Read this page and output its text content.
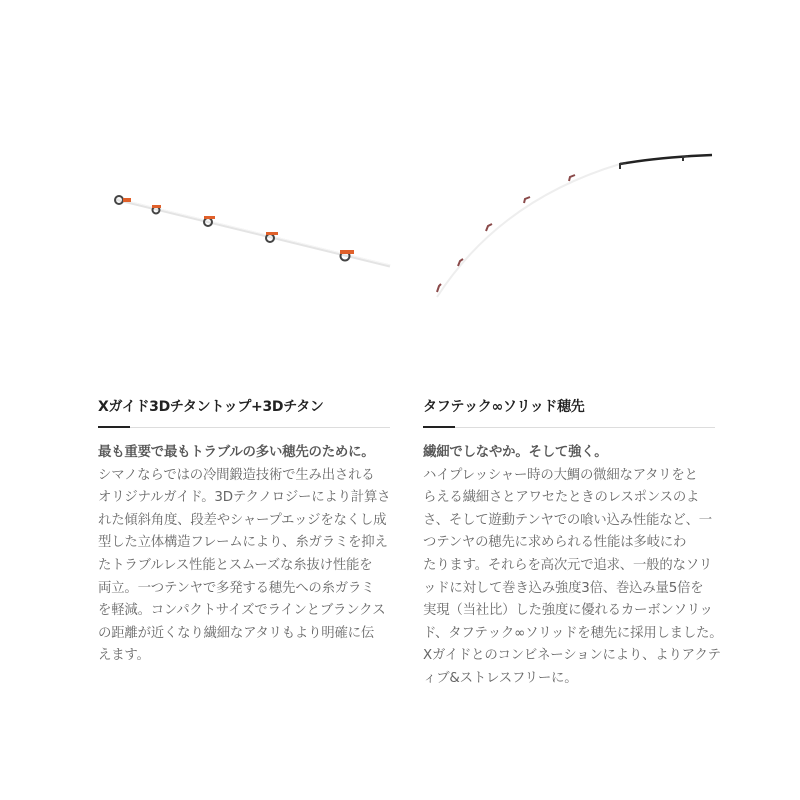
Xガイド3Dチタントップ+3Dチタン
最も重要で最もトラブルの多い穂先のために。
シマノならではの冷間鍛造技術で生み出される
オリジナルガイド。3Dテクノロジーにより計算さ
れた傾斜角度、段差やシャープエッジをなくし成
型した立体構造フレームにより、糸ガラミを抑え
たトラブルレス性能とスムーズな糸抜け性能を
両立。一つテンヤで多発する穂先への糸ガラミ
を軽減。コンパクトサイズでラインとブランクス
の距離が近くなり繊細なアタリもより明確に伝
えます。
タフテック∞ソリッド穂先
繊細でしなやか。そして強く。
ハイプレッシャー時の大鯛の微細なアタリをと
らえる繊細さとアワセたときのレスポンスのよ
さ、そして遊動テンヤでの喰い込み性能など、一
つテンヤの穂先に求められる性能は多岐にわ
たります。それらを高次元で追求、一般的なソリ
ッドに対して巻き込み強度3倍、巻込み量5倍を
実現（当社比）した強度に優れるカーボンソリッ
ド、タフテック∞ソリッドを穂先に採用しました。
Xガイドとのコンビネーションにより、よりアクテ
ィブ&ストレスフリーに。
